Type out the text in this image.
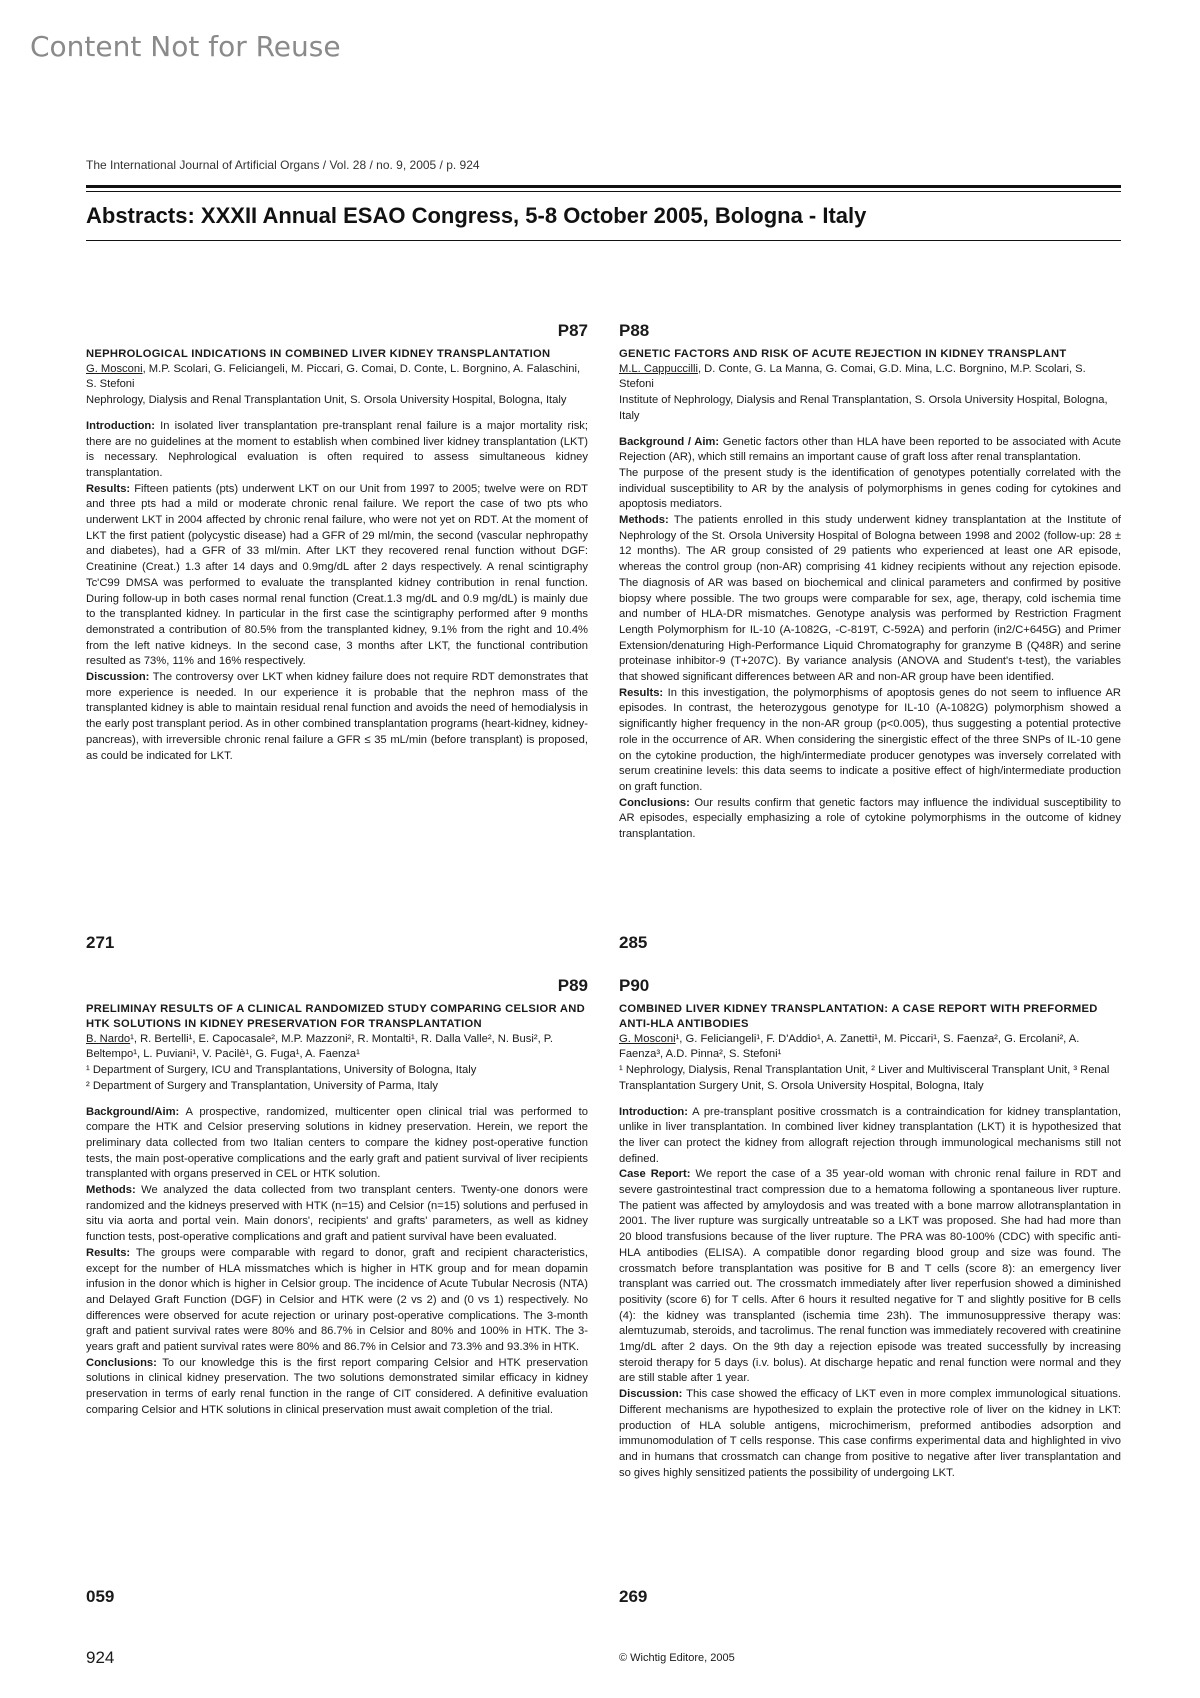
Content Not for Reuse
The International Journal of Artificial Organs / Vol. 28 / no. 9, 2005 / p. 924
Abstracts: XXXII Annual ESAO Congress, 5-8 October 2005, Bologna - Italy
P87
NEPHROLOGICAL INDICATIONS IN COMBINED LIVER KIDNEY TRANSPLANTATION
G. Mosconi, M.P. Scolari, G. Feliciangeli, M. Piccari, G. Comai, D. Conte, L. Borgnino, A. Falaschini, S. Stefoni
Nephrology, Dialysis and Renal Transplantation Unit, S. Orsola University Hospital, Bologna, Italy

Introduction: In isolated liver transplantation pre-transplant renal failure is a major mortality risk; there are no guidelines at the moment to establish when combined liver kidney transplantation (LKT) is necessary. Nephrological evaluation is often required to assess simultaneous kidney transplantation.

Results: Fifteen patients (pts) underwent LKT on our Unit from 1997 to 2005; twelve were on RDT and three pts had a mild or moderate chronic renal failure. We report the case of two pts who underwent LKT in 2004 affected by chronic renal failure, who were not yet on RDT. At the moment of LKT the first patient (polycystic disease) had a GFR of 29 ml/min, the second (vascular nephropathy and diabetes), had a GFR of 33 ml/min. After LKT they recovered renal function without DGF: Creatinine (Creat.) 1.3 after 14 days and 0.9mg/dL after 2 days respectively. A renal scintigraphy Tc'C99 DMSA was performed to evaluate the transplanted kidney contribution in renal function. During follow-up in both cases normal renal function (Creat.1.3 mg/dL and 0.9 mg/dL) is mainly due to the transplanted kidney. In particular in the first case the scintigraphy performed after 9 months demonstrated a contribution of 80.5% from the transplanted kidney, 9.1% from the right and 10.4% from the left native kidneys. In the second case, 3 months after LKT, the functional contribution resulted as 73%, 11% and 16% respectively.

Discussion: The controversy over LKT when kidney failure does not require RDT demonstrates that more experience is needed. In our experience it is probable that the nephron mass of the transplanted kidney is able to maintain residual renal function and avoids the need of hemodialysis in the early post transplant period. As in other combined transplantation programs (heart-kidney, kidney-pancreas), with irreversible chronic renal failure a GFR ≤ 35 mL/min (before transplant) is proposed, as could be indicated for LKT.

271
P88
GENETIC FACTORS AND RISK OF ACUTE REJECTION IN KIDNEY TRANSPLANT
M.L. Cappuccilli, D. Conte, G. La Manna, G. Comai, G.D. Mina, L.C. Borgnino, M.P. Scolari, S. Stefoni
Institute of Nephrology, Dialysis and Renal Transplantation, S. Orsola University Hospital, Bologna, Italy

Background / Aim: Genetic factors other than HLA have been reported to be associated with Acute Rejection (AR), which still remains an important cause of graft loss after renal transplantation.

The purpose of the present study is the identification of genotypes potentially correlated with the individual susceptibility to AR by the analysis of polymorphisms in genes coding for cytokines and apoptosis mediators.

Methods: The patients enrolled in this study underwent kidney transplantation at the Institute of Nephrology of the St. Orsola University Hospital of Bologna between 1998 and 2002 (follow-up: 28 ± 12 months). The AR group consisted of 29 patients who experienced at least one AR episode, whereas the control group (non-AR) comprising 41 kidney recipients without any rejection episode. The diagnosis of AR was based on biochemical and clinical parameters and confirmed by positive biopsy where possible. The two groups were comparable for sex, age, therapy, cold ischemia time and number of HLA-DR mismatches. Genotype analysis was performed by Restriction Fragment Length Polymorphism for IL-10 (A-1082G, -C-819T, C-592A) and perforin (in2/C+645G) and Primer Extension/denaturing High-Performance Liquid Chromatography for granzyme B (Q48R) and serine proteinase inhibitor-9 (T+207C). By variance analysis (ANOVA and Student's t-test), the variables that showed significant differences between AR and non-AR group have been identified.

Results: In this investigation, the polymorphisms of apoptosis genes do not seem to influence AR episodes. In contrast, the heterozygous genotype for IL-10 (A-1082G) polymorphism showed a significantly higher frequency in the non-AR group (p<0.005), thus suggesting a potential protective role in the occurrence of AR. When considering the sinergistic effect of the three SNPs of IL-10 gene on the cytokine production, the high/intermediate producer genotypes was inversely correlated with serum creatinine levels: this data seems to indicate a positive effect of high/intermediate production on graft function.

Conclusions: Our results confirm that genetic factors may influence the individual susceptibility to AR episodes, especially emphasizing a role of cytokine polymorphisms in the outcome of kidney transplantation.

285
P89
PRELIMINAY RESULTS OF A CLINICAL RANDOMIZED STUDY COMPARING CELSIOR AND HTK SOLUTIONS IN KIDNEY PRESERVATION FOR TRANSPLANTATION
B. Nardo¹, R. Bertelli¹, E. Capocasale², M.P. Mazzoni², R. Montalti¹, R. Dalla Valle², N. Busi², P. Beltempo¹, L. Puviani¹, V. Pacilè¹, G. Fuga¹, A. Faenza¹
¹ Department of Surgery, ICU and Transplantations, University of Bologna, Italy
² Department of Surgery and Transplantation, University of Parma, Italy

Background/Aim: A prospective, randomized, multicenter open clinical trial was performed to compare the HTK and Celsior preserving solutions in kidney preservation. Herein, we report the preliminary data collected from two Italian centers to compare the kidney post-operative function tests, the main post-operative complications and the early graft and patient survival of liver recipients transplanted with organs preserved in CEL or HTK solution.

Methods: We analyzed the data collected from two transplant centers. Twenty-one donors were randomized and the kidneys preserved with HTK (n=15) and Celsior (n=15) solutions and perfused in situ via aorta and portal vein. Main donors', recipients' and grafts' parameters, as well as kidney function tests, post-operative complications and graft and patient survival have been evaluated.

Results: The groups were comparable with regard to donor, graft and recipient characteristics, except for the number of HLA missmatches which is higher in HTK group and for mean dopamin infusion in the donor which is higher in Celsior group. The incidence of Acute Tubular Necrosis (NTA) and Delayed Graft Function (DGF) in Celsior and HTK were (2 vs 2) and (0 vs 1) respectively. No differences were observed for acute rejection or urinary post-operative complications. The 3-month graft and patient survival rates were 80% and 86.7% in Celsior and 80% and 100% in HTK. The 3-years graft and patient survival rates were 80% and 86.7% in Celsior and 73.3% and 93.3% in HTK.

Conclusions: To our knowledge this is the first report comparing Celsior and HTK preservation solutions in clinical kidney preservation. The two solutions demonstrated similar efficacy in kidney preservation in terms of early renal function in the range of CIT considered. A definitive evaluation comparing Celsior and HTK solutions in clinical preservation must await completion of the trial.

059
P90
COMBINED LIVER KIDNEY TRANSPLANTATION: A CASE REPORT WITH PREFORMED ANTI-HLA ANTIBODIES
G. Mosconi¹, G. Feliciangeli¹, F. D'Addio¹, A. Zanetti¹, M. Piccari¹, S. Faenza², G. Ercolani², A. Faenza³, A.D. Pinna², S. Stefoni¹
¹ Nephrology, Dialysis, Renal Transplantation Unit, ² Liver and Multivisceral Transplant Unit, ³ Renal Transplantation Surgery Unit, S. Orsola University Hospital, Bologna, Italy

Introduction: A pre-transplant positive crossmatch is a contraindication for kidney transplantation, unlike in liver transplantation. In combined liver kidney transplantation (LKT) it is hypothesized that the liver can protect the kidney from allograft rejection through immunological mechanisms still not defined.

Case Report: We report the case of a 35 year-old woman with chronic renal failure in RDT and severe gastrointestinal tract compression due to a hematoma following a spontaneous liver rupture. The patient was affected by amyloydosis and was treated with a bone marrow allotransplantation in 2001. The liver rupture was surgically untreatable so a LKT was proposed. She had had more than 20 blood transfusions because of the liver rupture. The PRA was 80-100% (CDC) with specific anti-HLA antibodies (ELISA). A compatible donor regarding blood group and size was found. The crossmatch before transplantation was positive for B and T cells (score 8): an emergency liver transplant was carried out. The crossmatch immediately after liver reperfusion showed a diminished positivity (score 6) for T cells. After 6 hours it resulted negative for T and slightly positive for B cells (4): the kidney was transplanted (ischemia time 23h). The immunosuppressive therapy was: alemtuzumab, steroids, and tacrolimus. The renal function was immediately recovered with creatinine 1mg/dL after 2 days. On the 9th day a rejection episode was treated successfully by increasing steroid therapy for 5 days (i.v. bolus). At discharge hepatic and renal function were normal and they are still stable after 1 year.

Discussion: This case showed the efficacy of LKT even in more complex immunological situations. Different mechanisms are hypothesized to explain the protective role of liver on the kidney in LKT: production of HLA soluble antigens, microchimerism, preformed antibodies adsorption and immunomodulation of T cells response. This case confirms experimental data and highlighted in vivo and in humans that crossmatch can change from positive to negative after liver transplantation and so gives highly sensitized patients the possibility of undergoing LKT.

269
924	© Wichtig Editore, 2005
